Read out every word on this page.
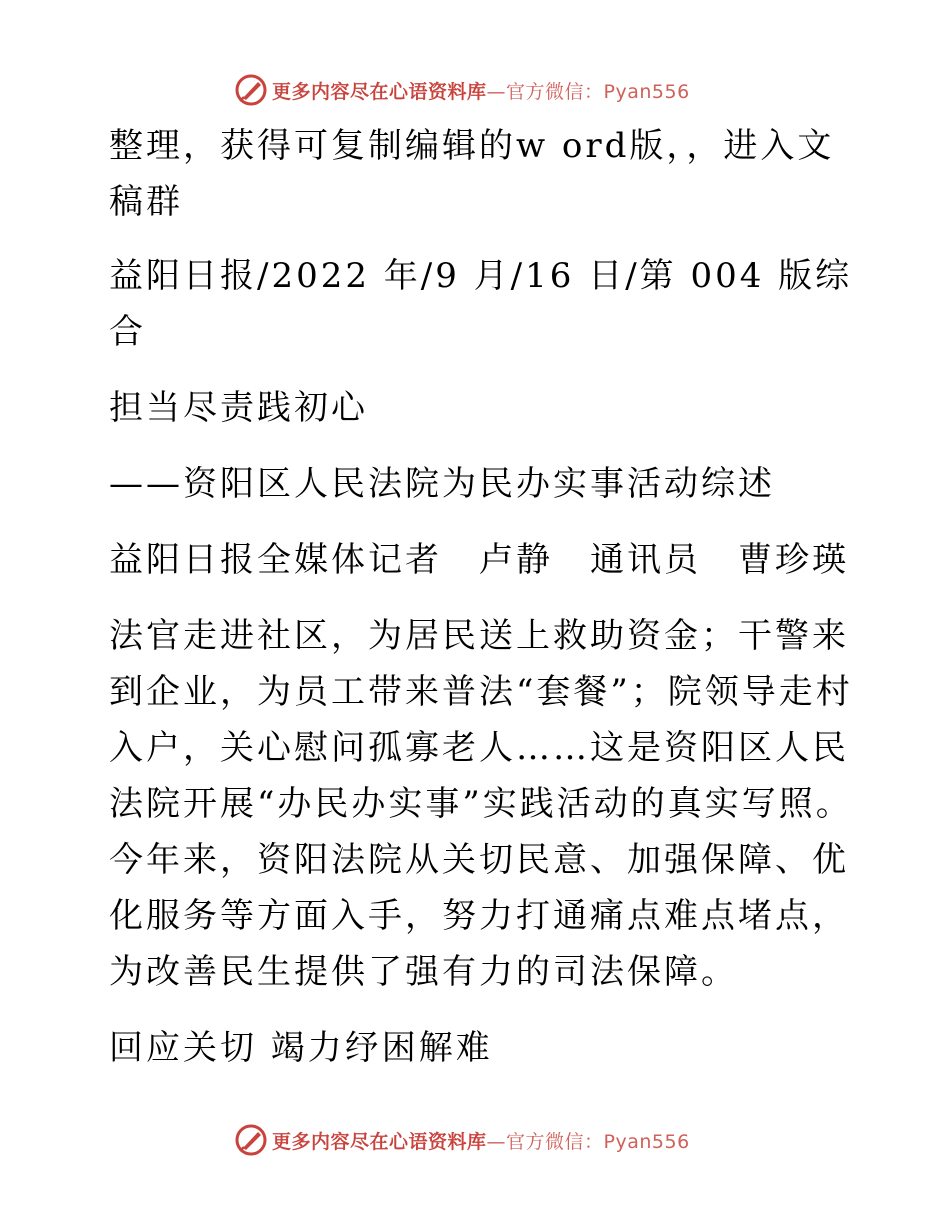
更多内容尽在心语资料库 —官方微信：Pyan556

整理，获得可复制编辑的w ord版，，进入文稿群

益阳日报/2022 年/9 月/16 日/第 004 版综合

担当尽责践初心

——资阳区人民法院为民办实事活动综述

益阳日报全媒体记者　卢静　通讯员　曹珍瑛

法官走进社区，为居民送上救助资金；干警来到企业，为员工带来普法“套餐”；院领导走村入户，关心慰问孤寡老人……这是资阳区人民法院开展“办民办实事”实践活动的真实写照。今年来，资阳法院从关切民意、加强保障、优化服务等方面入手，努力打通痛点难点堵点，为改善民生提供了强有力的司法保障。

回应关切 竭力纾困解难

更多内容尽在心语资料库 —官方微信：Pyan556
